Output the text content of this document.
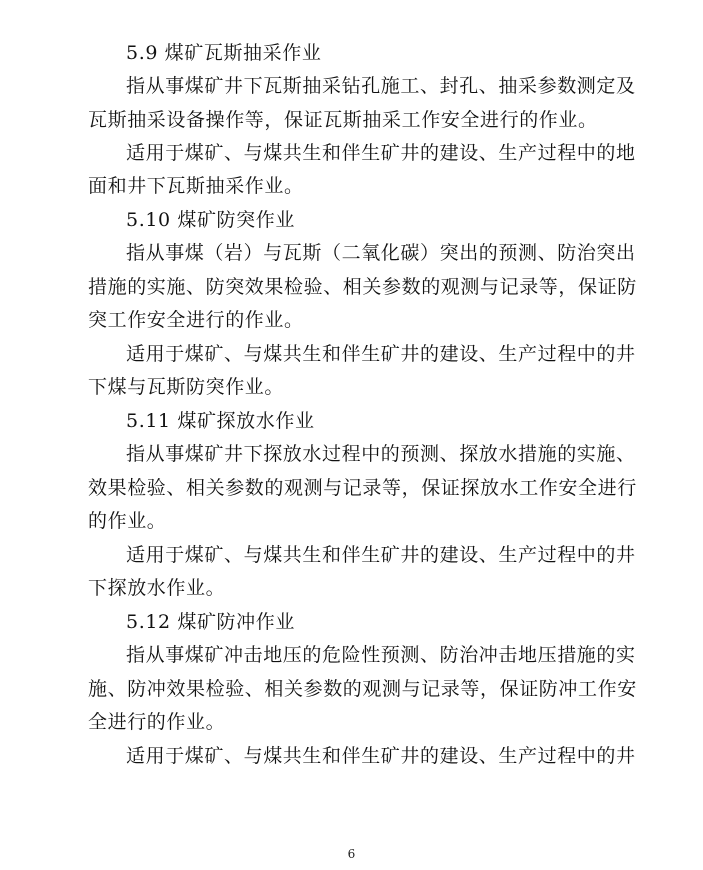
5.9 煤矿瓦斯抽采作业
指从事煤矿井下瓦斯抽采钻孔施工、封孔、抽采参数测定及
瓦斯抽采设备操作等，保证瓦斯抽采工作安全进行的作业。
适用于煤矿、与煤共生和伴生矿井的建设、生产过程中的地
面和井下瓦斯抽采作业。
5.10 煤矿防突作业
指从事煤（岩）与瓦斯（二氧化碳）突出的预测、防治突出
措施的实施、防突效果检验、相关参数的观测与记录等，保证防
突工作安全进行的作业。
适用于煤矿、与煤共生和伴生矿井的建设、生产过程中的井
下煤与瓦斯防突作业。
5.11 煤矿探放水作业
指从事煤矿井下探放水过程中的预测、探放水措施的实施、
效果检验、相关参数的观测与记录等，保证探放水工作安全进行
的作业。
适用于煤矿、与煤共生和伴生矿井的建设、生产过程中的井
下探放水作业。
5.12 煤矿防冲作业
指从事煤矿冲击地压的危险性预测、防治冲击地压措施的实
施、防冲效果检验、相关参数的观测与记录等，保证防冲工作安
全进行的作业。
适用于煤矿、与煤共生和伴生矿井的建设、生产过程中的井
6
